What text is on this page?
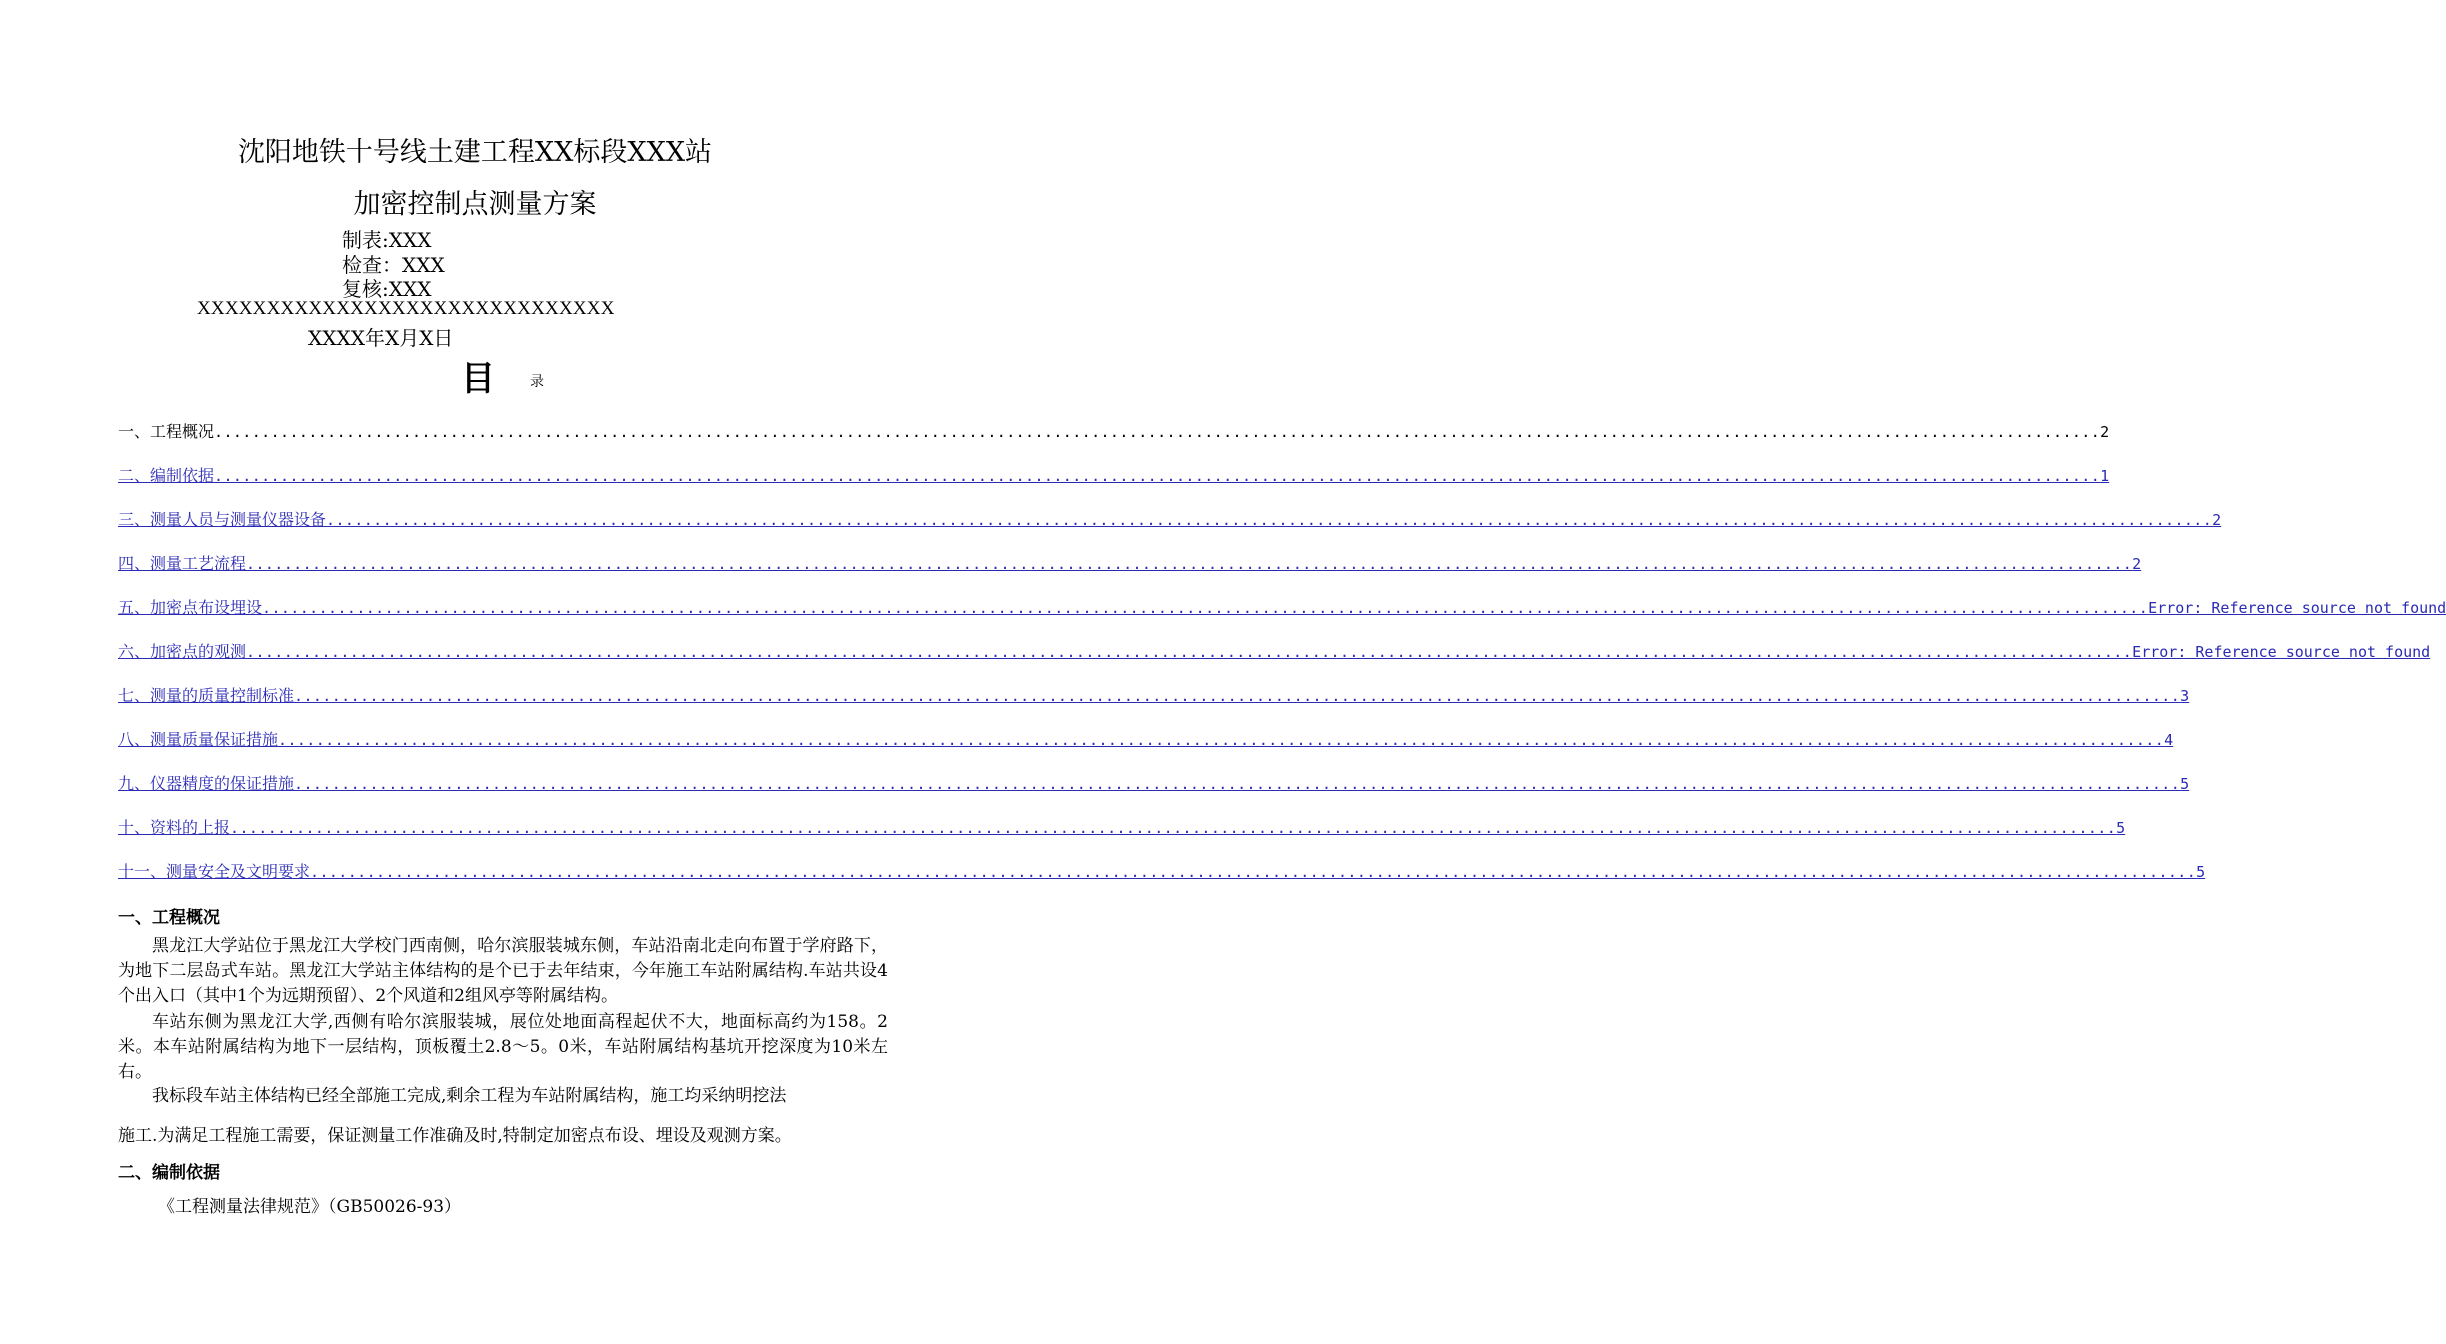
沈阳地铁十号线土建工程XX标段XXX站
加密控制点测量方案
制表:XXX
检查：XXX
复核:XXX
XXXXXXXXXXXXXXXXXXXXXXXXXXXXXX
XXXX年X月X日
目	录
一、工程概况 ........................................................................................................................................................................................................ 2
二、编制依据 ........................................................................................................................................................................................................ 1
三、测量人员与测量仪器设备 ........................................................................................................................................................................................................ 2
四、测量工艺流程 ........................................................................................................................................................................................................ 2
五、加密点布设埋设 ........................................................................................................................................................................................................ Error: Reference source not found
六、加密点的观测 ........................................................................................................................................................................................................ Error: Reference source not found
七、测量的质量控制标准 ........................................................................................................................................................................................................ 3
八、测量质量保证措施 ........................................................................................................................................................................................................ 4
九、仪器精度的保证措施 ........................................................................................................................................................................................................ 5
十、资料的上报 ........................................................................................................................................................................................................ 5
十一、测量安全及文明要求 ........................................................................................................................................................................................................ 5
一、工程概况
黑龙江大学站位于黑龙江大学校门西南侧，哈尔滨服装城东侧，车站沿南北走向布置于学府路下，为地下二层岛式车站。黑龙江大学站主体结构的是个已于去年结束，今年施工车站附属结构.车站共设4个出入口（其中1个为远期预留）、2个风道和2组风亭等附属结构。
车站东侧为黑龙江大学,西侧有哈尔滨服装城，展位处地面高程起伏不大，地面标高约为158。2米。本车站附属结构为地下一层结构，顶板覆土2.8～5。0米，车站附属结构基坑开挖深度为10米左右。
我标段车站主体结构已经全部施工完成,剩余工程为车站附属结构，施工均采纳明挖法
施工.为满足工程施工需要，保证测量工作准确及时,特制定加密点布设、埋设及观测方案。
二、编制依据
《工程测量法律规范》（GB50026-93）
